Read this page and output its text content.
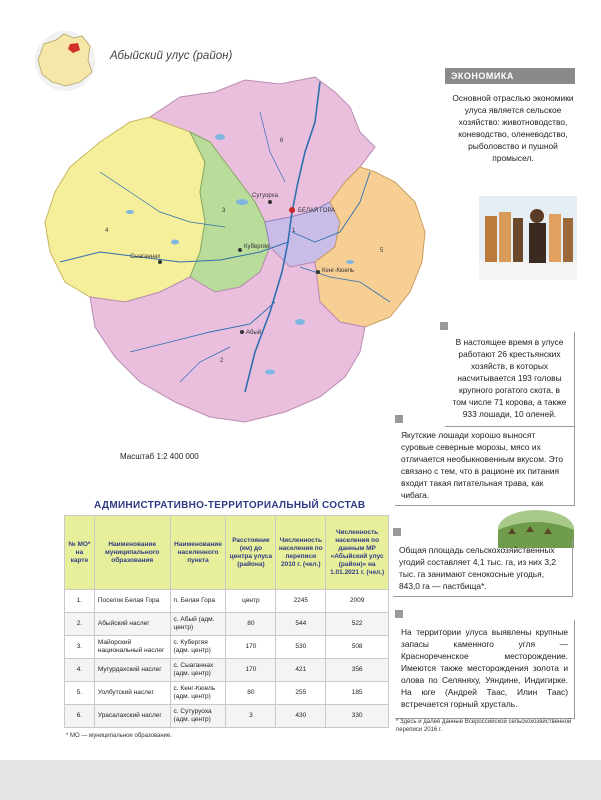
Абыйский улус (район)
БЕЛАЯ ГОРА
Сыаганнах
Кубергяя
Сутуорха
Кенг-Кюель
Абый
1
2
3
4
5
6
Масштаб 1:2 400 000
ЭКОНОМИКА
Основной отраслью экономики улуса является сельское хозяйство: животноводство, коневодство, оленеводство, рыболовство и пушной промысел.
В настоящее время в улусе работают 26 крестьянских хозяйств, в которых насчитывается 193 головы крупного рогатого скота, в том числе 71 корова, а также 933 лошади, 10 оленей.
Якутские лошади хорошо выносят суровые северные морозы, мясо их отличается необыкновенным вкусом. Это связано с тем, что в рационе их питания входит такая питательная трава, как чибага.
Общая площадь сельскохозяйственных угодий составляет 4,1 тыс. га, из них 3,2 тыс. га занимают сенокосные угодья, 843,0 га — пастбища*.
На территории улуса выявлены крупные запасы каменного угля — Красноречeнское месторождение. Имеются также месторождения золота и олова по Селяняху, Уяндине, Индигирке. На юге (Андрей Таас, Илин Таас) встречается горный хрусталь.
АДМИНИСТРАТИВНО-ТЕРРИТОРИАЛЬНЫЙ СОСТАВ
№ МО* на карте	Наименование муниципального образования	Наименование населенного пункта	Расстояние (км) до центра улуса (района)	Численность населения по переписи 2010 г. (чел.)	Численность населения по данным МР «Абыйский улус (район)» на 1.01.2021 г. (чел.)
1.	Поселок Белая Гора	п. Белая Гора	центр	2245	2009
2.	Абыйский наслег	с. Абый (адм. центр)	80	544	522
3.	Майорский национальный наслег	с. Кубергяя (адм. центр)	170	530	508
4.	Мугурдахский наслег	с. Сыаганнах (адм. центр)	170	421	356
5.	Уолбутский наслег	с. Кенг-Кюель (адм. центр)	80	255	185
6.	Урасалахский наслег	с. Сутуруоха (адм. центр)	3	430	330
* МО — муниципальное образование.
* Здесь и далее данные Всероссийской сельскохозяйственной переписи 2016 г.
